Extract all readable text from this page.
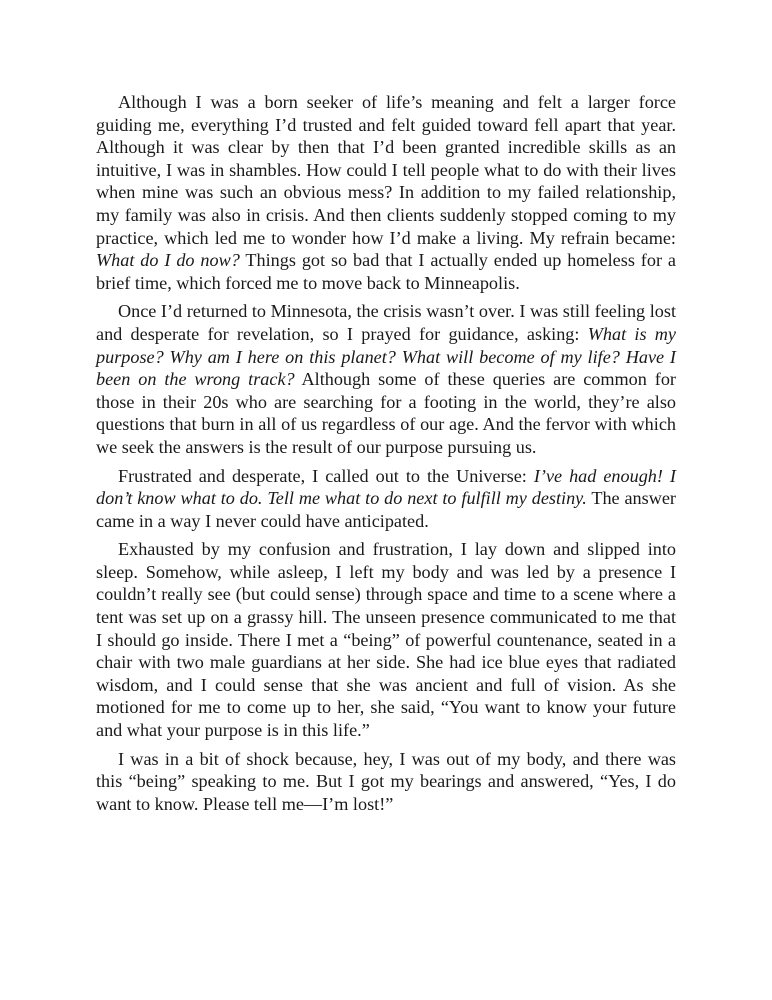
Although I was a born seeker of life’s meaning and felt a larger force guiding me, everything I’d trusted and felt guided toward fell apart that year. Although it was clear by then that I’d been granted incredible skills as an intuitive, I was in shambles. How could I tell people what to do with their lives when mine was such an obvious mess? In addition to my failed relationship, my family was also in crisis. And then clients suddenly stopped coming to my practice, which led me to wonder how I’d make a living. My refrain became: What do I do now? Things got so bad that I actually ended up homeless for a brief time, which forced me to move back to Minneapolis.

Once I’d returned to Minnesota, the crisis wasn’t over. I was still feeling lost and desperate for revelation, so I prayed for guidance, asking: What is my purpose? Why am I here on this planet? What will become of my life? Have I been on the wrong track? Although some of these queries are common for those in their 20s who are searching for a footing in the world, they’re also questions that burn in all of us regardless of our age. And the fervor with which we seek the answers is the result of our purpose pursuing us.

Frustrated and desperate, I called out to the Universe: I’ve had enough! I don’t know what to do. Tell me what to do next to fulfill my destiny. The answer came in a way I never could have anticipated.

Exhausted by my confusion and frustration, I lay down and slipped into sleep. Somehow, while asleep, I left my body and was led by a presence I couldn’t really see (but could sense) through space and time to a scene where a tent was set up on a grassy hill. The unseen presence communicated to me that I should go inside. There I met a “being” of powerful countenance, seated in a chair with two male guardians at her side. She had ice blue eyes that radiated wisdom, and I could sense that she was ancient and full of vision. As she motioned for me to come up to her, she said, “You want to know your future and what your purpose is in this life.”

I was in a bit of shock because, hey, I was out of my body, and there was this “being” speaking to me. But I got my bearings and answered, “Yes, I do want to know. Please tell me—I’m lost!”
